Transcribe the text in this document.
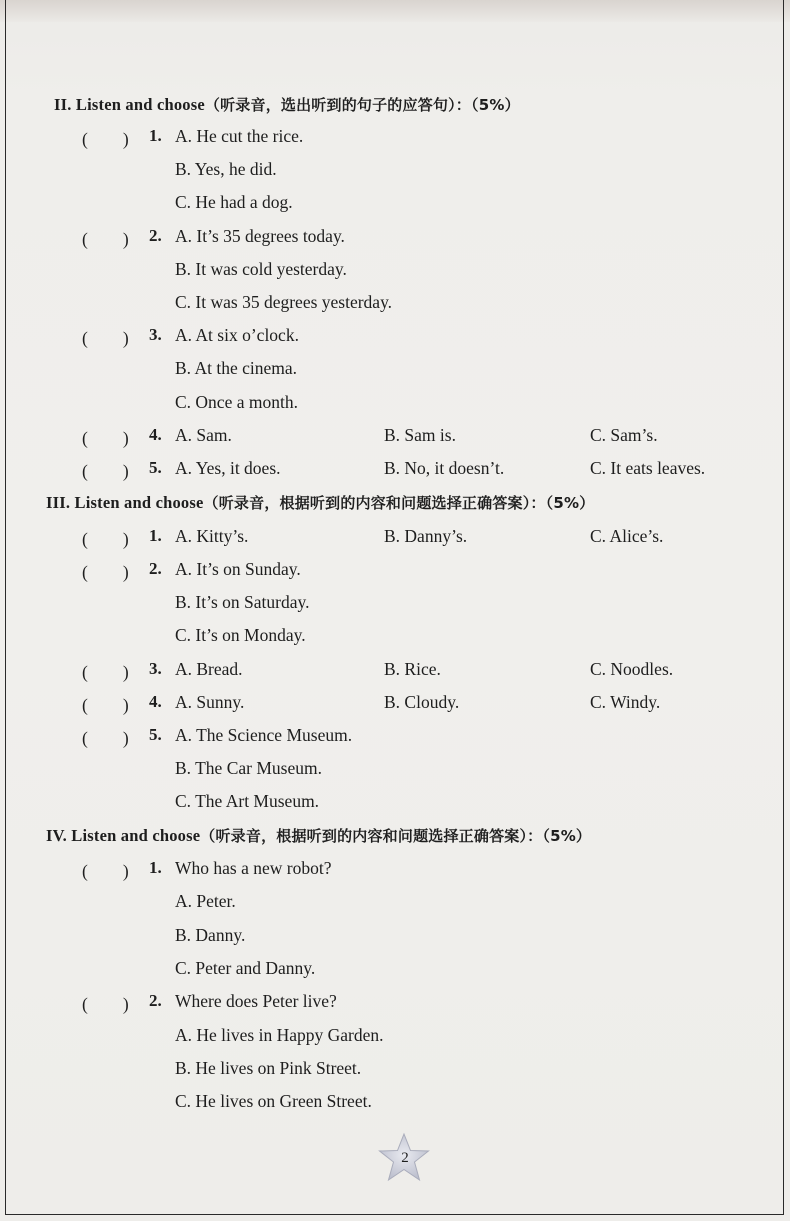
II. Listen and choose（听录音，选出听到的句子的应答句）：（5%）
(　　) 1. A. He cut the rice.
B. Yes, he did.
C. He had a dog.
(　　) 2. A. It’s 35 degrees today.
B. It was cold yesterday.
C. It was 35 degrees yesterday.
(　　) 3. A. At six o’clock.
B. At the cinema.
C. Once a month.
(　　) 4. A. Sam.	B. Sam is.	C. Sam’s.
(　　) 5. A. Yes, it does.	B. No, it doesn’t.	C. It eats leaves.
III. Listen and choose（听录音，根据听到的内容和问题选择正确答案）：（5%）
(　　) 1. A. Kitty’s.	B. Danny’s.	C. Alice’s.
(　　) 2. A. It’s on Sunday.
B. It’s on Saturday.
C. It’s on Monday.
(　　) 3. A. Bread.	B. Rice.	C. Noodles.
(　　) 4. A. Sunny.	B. Cloudy.	C. Windy.
(　　) 5. A. The Science Museum.
B. The Car Museum.
C. The Art Museum.
IV. Listen and choose（听录音，根据听到的内容和问题选择正确答案）：（5%）
(　　) 1. Who has a new robot?
A. Peter.
B. Danny.
C. Peter and Danny.
(　　) 2. Where does Peter live?
A. He lives in Happy Garden.
B. He lives on Pink Street.
C. He lives on Green Street.
2
